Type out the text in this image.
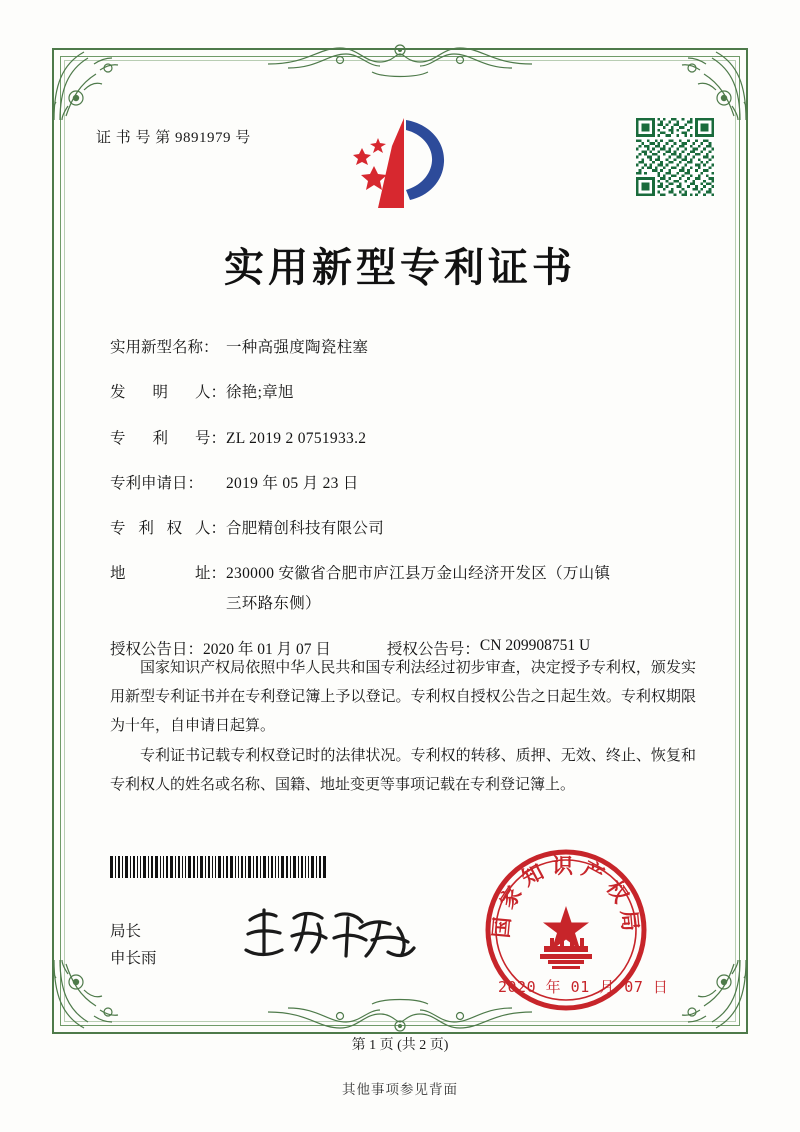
证 书 号 第 9891979 号
实用新型专利证书
实用新型名称： 一种高强度陶瓷柱塞
发 明 人： 徐艳;章旭
专 利 号： ZL 2019 2 0751933.2
专利申请日：	2019 年 05 月 23 日
专 利 权 人： 合肥精创科技有限公司
地	址： 230000 安徽省合肥市庐江县万金山经济开发区（万山镇
三环路东侧）
授权公告日： 2020 年 01 月 07 日	授权公告号： CN 209908751 U

国家知识产权局依照中华人民共和国专利法经过初步审查，决定授予专利权，颁发实用新型专利证书并在专利登记簿上予以登记。专利权自授权公告之日起生效。专利权期限为十年，自申请日起算。

专利证书记载专利权登记时的法律状况。专利权的转移、质押、无效、终止、恢复和专利权人的姓名或名称、国籍、地址变更等事项记载在专利登记簿上。

局长
申长雨
国家知识产权局
2020 年 01 月 07 日
第 1 页 (共 2 页)
其他事项参见背面
